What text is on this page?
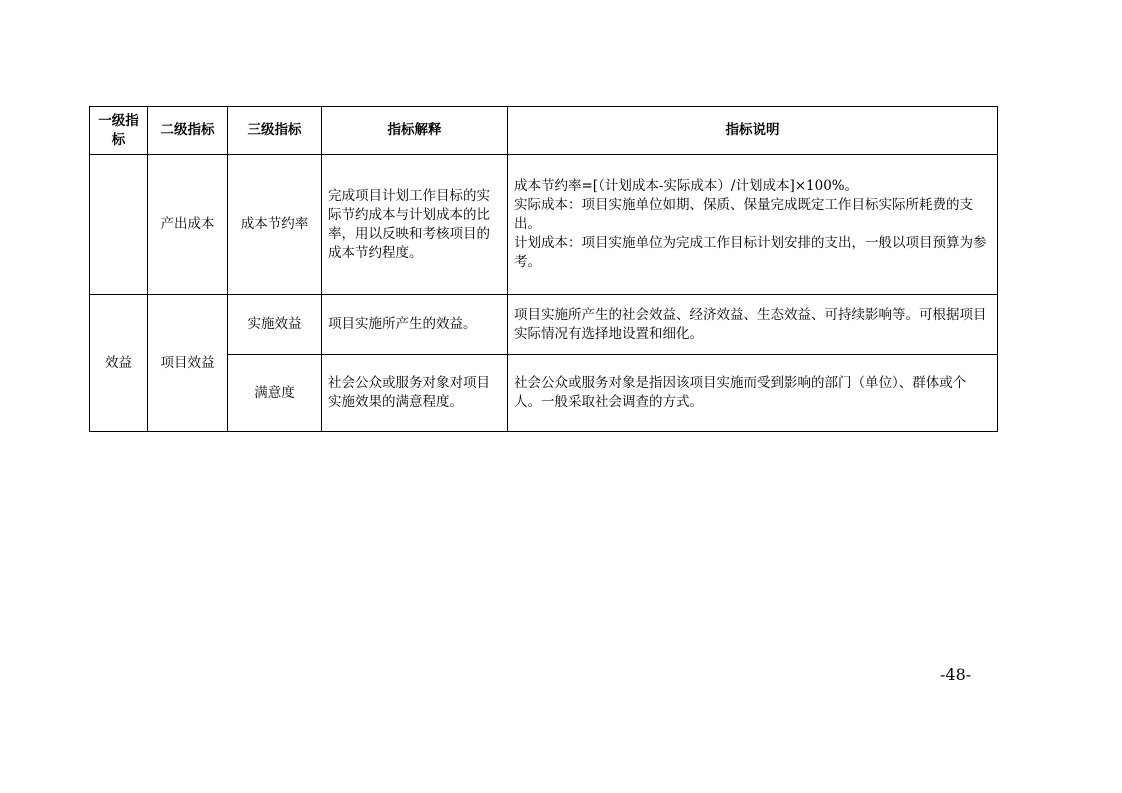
一级指标	二级指标	三级指标	指标解释	指标说明
	产出成本	成本节约率	完成项目计划工作目标的实际节约成本与计划成本的比率，用以反映和考核项目的成本节约程度。	成本节约率=[（计划成本-实际成本）/计划成本]×100%。
实际成本：项目实施单位如期、保质、保量完成既定工作目标实际所耗费的支出。
计划成本：项目实施单位为完成工作目标计划安排的支出，一般以项目预算为参考。

效益	项目效益	实施效益	项目实施所产生的效益。	项目实施所产生的社会效益、经济效益、生态效益、可持续影响等。可根据项目实际情况有选择地设置和细化。

		满意度	社会公众或服务对象对项目实施效果的满意程度。	社会公众或服务对象是指因该项目实施而受到影响的部门（单位）、群体或个人。一般采取社会调查的方式。
-48-
